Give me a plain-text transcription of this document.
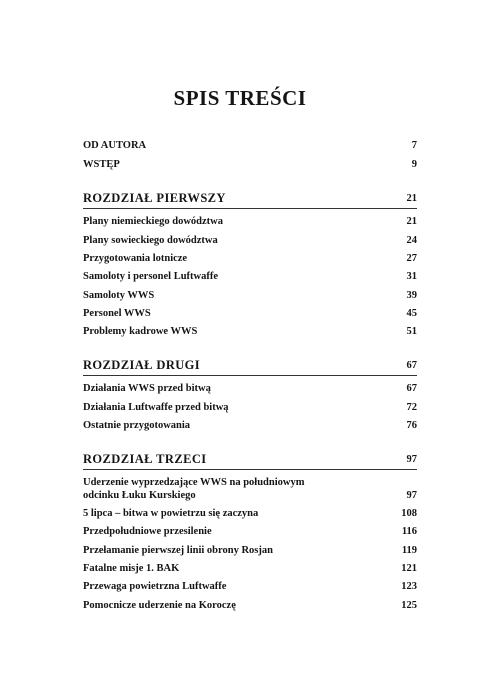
SPIS TREŚCI
OD AUTORA	7
WSTĘP	9
ROZDZIAŁ PIERWSZY	21
Plany niemieckiego dowództwa	21
Plany sowieckiego dowództwa	24
Przygotowania lotnicze	27
Samoloty i personel Luftwaffe	31
Samoloty WWS	39
Personel WWS	45
Problemy kadrowe WWS	51
ROZDZIAŁ DRUGI	67
Działania WWS przed bitwą	67
Działania Luftwaffe przed bitwą	72
Ostatnie przygotowania	76
ROZDZIAŁ TRZECI	97
Uderzenie wyprzedzające WWS na południowym
odcinku Łuku Kurskiego	97
5 lipca – bitwa w powietrzu się zaczyna	108
Przedpołudniowe przesilenie	116
Przełamanie pierwszej linii obrony Rosjan	119
Fatalne misje 1. BAK	121
Przewaga powietrzna Luftwaffe	123
Pomocnicze uderzenie na Koroczę	125
